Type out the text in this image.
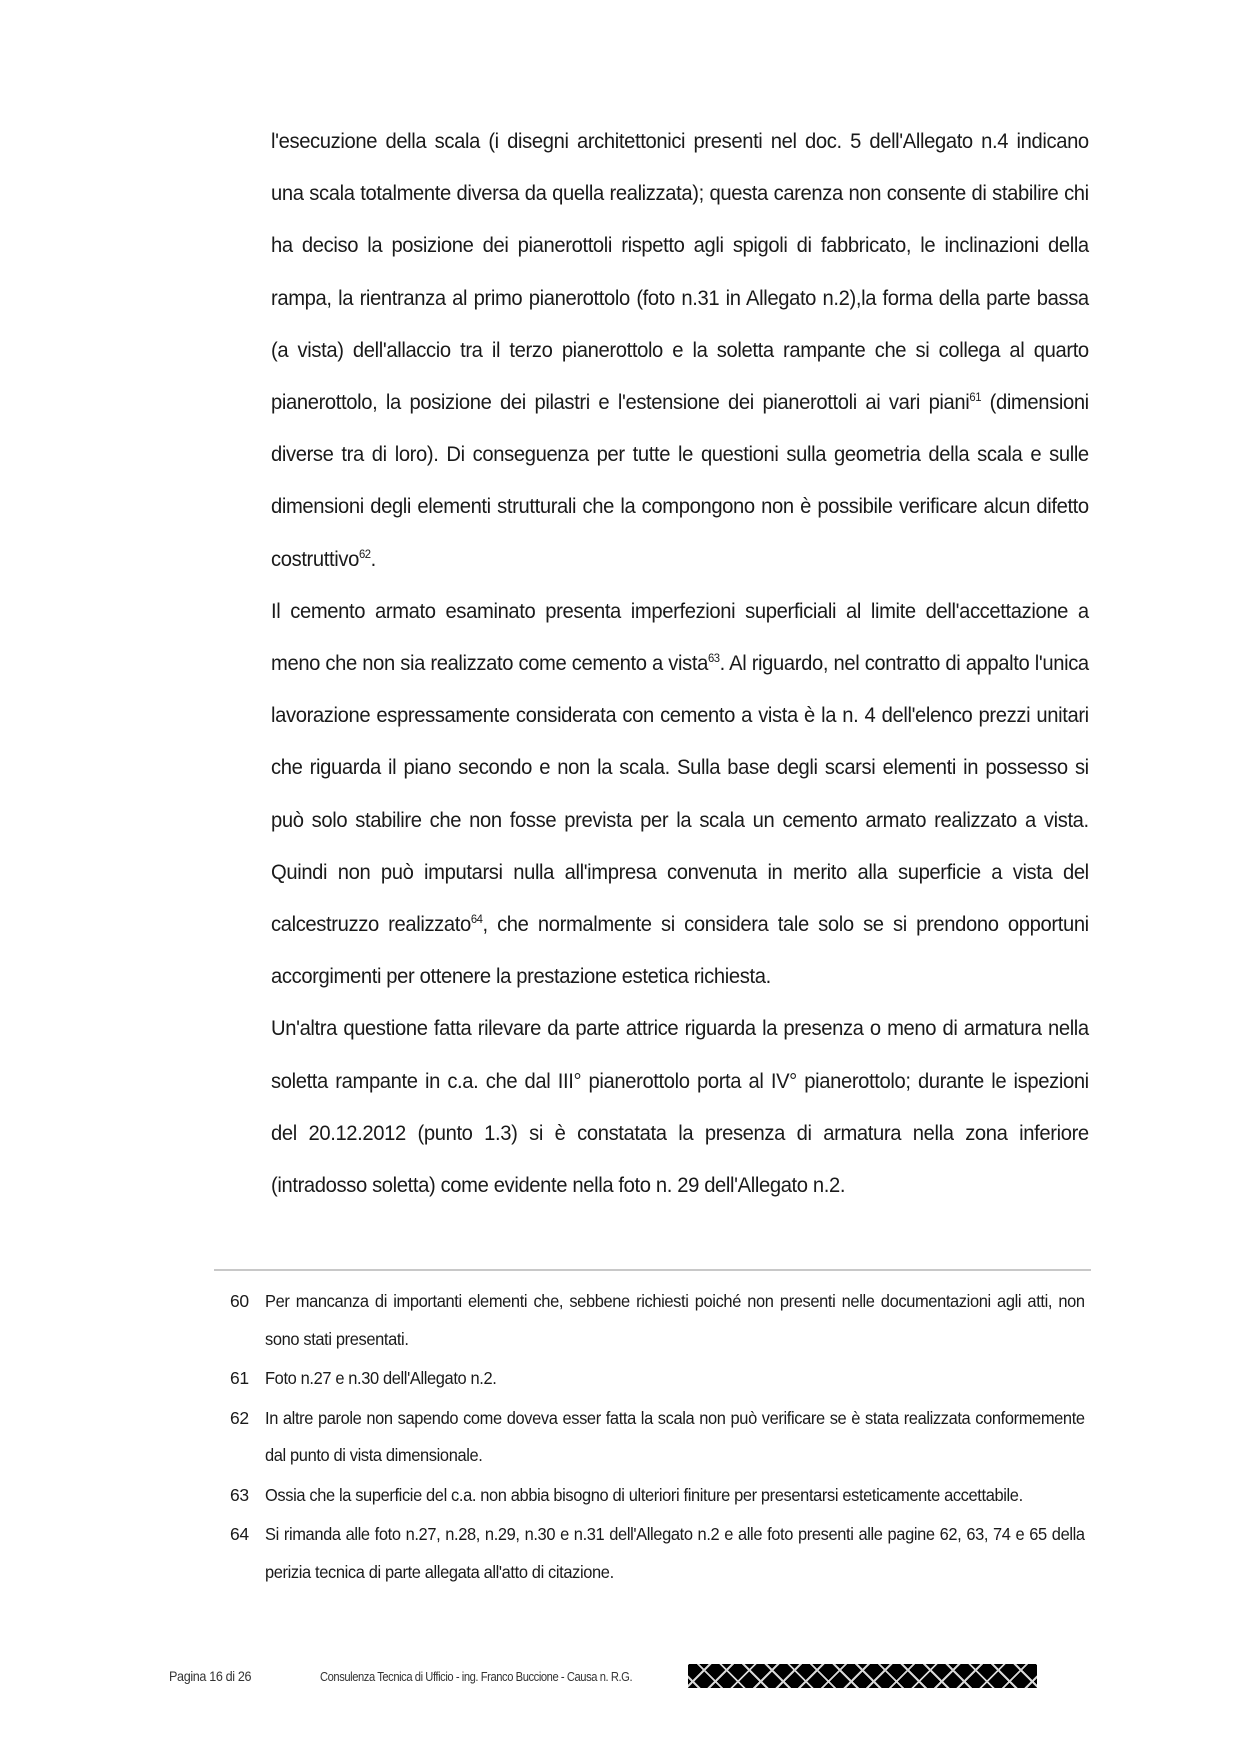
l'esecuzione della scala (i disegni architettonici presenti nel doc. 5 dell'Allegato n.4 indicano una scala totalmente diversa da quella realizzata); questa carenza non consente di stabilire chi ha deciso la posizione dei pianerottoli rispetto agli spigoli di fabbricato, le inclinazioni della rampa, la rientranza al primo pianerottolo (foto n.31 in Allegato n.2),la forma della parte bassa (a vista) dell'allaccio tra il terzo pianerottolo e la soletta rampante che si collega al quarto pianerottolo, la posizione dei pilastri e l'estensione dei pianerottoli ai vari piani$^{61}$ (dimensioni diverse tra di loro). Di conseguenza per tutte le questioni sulla geometria della scala e sulle dimensioni degli elementi strutturali che la compongono non è possibile verificare alcun difetto costruttivo$^{62}$.
Il cemento armato esaminato presenta imperfezioni superficiali al limite dell'accettazione a meno che non sia realizzato come cemento a vista$^{63}$. Al riguardo, nel contratto di appalto l'unica lavorazione espressamente considerata con cemento a vista è la n. 4 dell'elenco prezzi unitari che riguarda il piano secondo e non la scala. Sulla base degli scarsi elementi in possesso si può solo stabilire che non fosse prevista per la scala un cemento armato realizzato a vista. Quindi non può imputarsi nulla all'impresa convenuta in merito alla superficie a vista del calcestruzzo realizzato$^{64}$, che normalmente si considera tale solo se si prendono opportuni accorgimenti per ottenere la prestazione estetica richiesta.
Un'altra questione fatta rilevare da parte attrice riguarda la presenza o meno di armatura nella soletta rampante in c.a. che dal III° pianerottolo porta al IV° pianerottolo; durante le ispezioni del 20.12.2012 (punto 1.3) si è constatata la presenza di armatura nella zona inferiore (intradosso soletta) come evidente nella foto n. 29 dell'Allegato n.2.
60 Per mancanza di importanti elementi che, sebbene richiesti poiché non presenti nelle documentazioni agli atti, non sono stati presentati.
61 Foto n.27 e n.30 dell'Allegato n.2.
62 In altre parole non sapendo come doveva esser fatta la scala non può verificare se è stata realizzata conformemente dal punto di vista dimensionale.
63 Ossia che la superficie del c.a. non abbia bisogno di ulteriori finiture per presentarsi esteticamente accettabile.
64 Si rimanda alle foto n.27, n.28, n.29, n.30 e n.31 dell'Allegato n.2 e alle foto presenti alle pagine 62, 63, 74 e 65 della perizia tecnica di parte allegata all'atto di citazione.
Pagina 16 di 26	Consulenza Tecnica di Ufficio - ing. Franco Buccione - Causa n. R.G.
